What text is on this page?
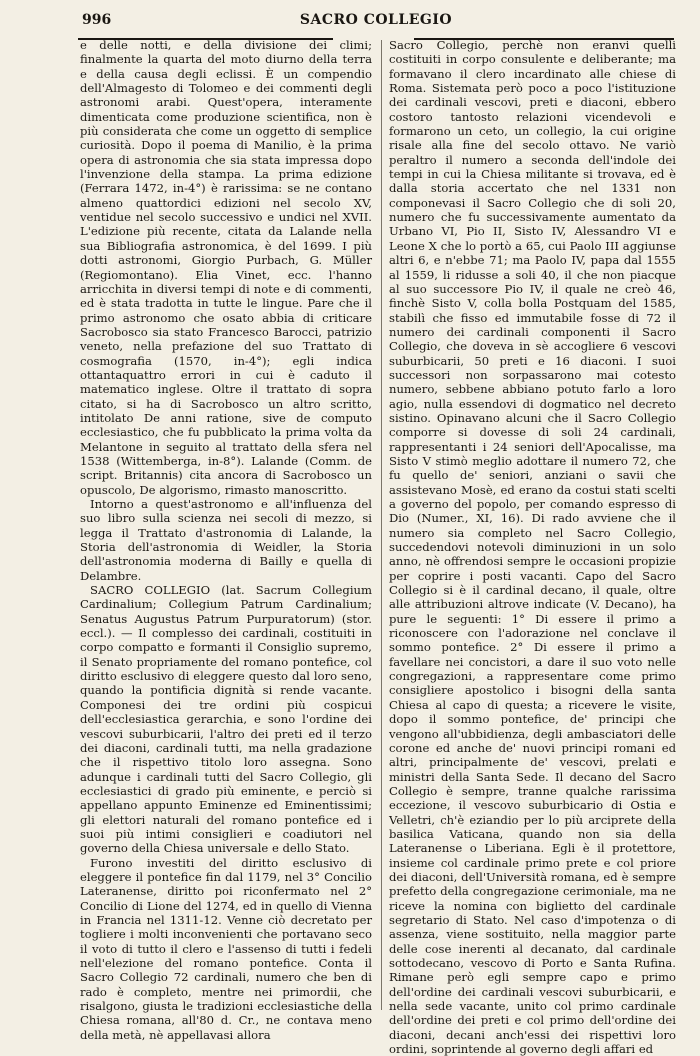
996	SACRO COLLEGIO

e delle notti, e della divisione dei climi; finalmente la quarta del moto diurno della terra e della causa degli eclissi. È un compendio dell'Almagesto di Tolomeo e dei commenti degli astronomi arabi. Quest'opera, interamente dimenticata come produzione scientifica, non è più considerata che come un oggetto di semplice curiosità. Dopo il poema di Manilio, è la prima opera di astronomia che sia stata impressa dopo l'invenzione della stampa. La prima edizione (Ferrara 1472, in-4°) è rarissima: se ne contano almeno quattordici edizioni nel secolo XV, ventidue nel secolo successivo e undici nel XVII. L'edizione più recente, citata da Lalande nella sua Bibliografia astronomica, è del 1699. I più dotti astronomi, Giorgio Purbach, G. Müller (Regiomontano). Elia Vinet, ecc. l'hanno arricchita in diversi tempi di note e di commenti, ed è stata tradotta in tutte le lingue. Pare che il primo astronomo che osato abbia di criticare Sacrobosco sia stato Francesco Barocci, patrizio veneto, nella prefazione del suo Trattato di cosmografia (1570, in-4°); egli indica ottantaquattro errori in cui è caduto il matematico inglese. Oltre il trattato di sopra citato, si ha di Sacrobosco un altro scritto, intitolato De anni ratione, sive de computo ecclesiastico, che fu pubblicato la prima volta da Melantone in seguito al trattato della sfera nel 1538 (Wittemberga, in-8°). Lalande (Comm. de script. Britannis) cita ancora di Sacrobosco un opuscolo, De algorismo, rimasto manoscritto.

Intorno a quest'astronomo e all'influenza del suo libro sulla scienza nei secoli di mezzo, si legga il Trattato d'astronomia di Lalande, la Storia dell'astronomia di Weidler, la Storia dell'astronomia moderna di Bailly e quella di Delambre.

SACRO COLLEGIO (lat. Sacrum Collegium Cardinalium; Collegium Patrum Cardinalium; Senatus Augustus Patrum Purpuratorum) (stor. eccl.). — Il complesso dei cardinali, costituiti in corpo compatto e formanti il Consiglio supremo, il Senato propriamente del romano pontefice, col diritto esclusivo di eleggere questo dal loro seno, quando la pontificia dignità si rende vacante. Componesi dei tre ordini più cospicui dell'ecclesiastica gerarchia, e sono l'ordine dei vescovi suburbicarii, l'altro dei preti ed il terzo dei diaconi, cardinali tutti, ma nella gradazione che il rispettivo titolo loro assegna. Sono adunque i cardinali tutti del Sacro Collegio, gli ecclesiastici di grado più eminente, e perciò si appellano appunto Eminenze ed Eminentissimi; gli elettori naturali del romano pontefice ed i suoi più intimi consiglieri e coadiutori nel governo della Chiesa universale e dello Stato.

Furono investiti del diritto esclusivo di eleggere il pontefice fin dal 1179, nel 3° Concilio Lateranense, diritto poi riconfermato nel 2° Concilio di Lione del 1274, ed in quello di Vienna in Francia nel 1311-12. Venne ciò decretato per togliere i molti inconvenienti che portavano seco il voto di tutto il clero e l'assenso di tutti i fedeli nell'elezione del romano pontefice. Conta il Sacro Collegio 72 cardinali, numero che ben di rado è completo, mentre nei primordii, che risalgono, giusta le tradizioni ecclesiastiche della Chiesa romana, all'80 d. Cr., ne contava meno della metà, nè appellavasi allora

Sacro Collegio, perchè non eranvi quelli costituiti in corpo consulente e deliberante; ma formavano il clero incardinato alle chiese di Roma. Sistemata però poco a poco l'istituzione dei cardinali vescovi, preti e diaconi, ebbero costoro tantosto relazioni vicendevoli e formarono un ceto, un collegio, la cui origine risale alla fine del secolo ottavo. Ne variò peraltro il numero a seconda dell'indole dei tempi in cui la Chiesa militante si trovava, ed è dalla storia accertato che nel 1331 non componevasi il Sacro Collegio che di soli 20, numero che fu successivamente aumentato da Urbano VI, Pio II, Sisto IV, Alessandro VI e Leone X che lo portò a 65, cui Paolo III aggiunse altri 6, e n'ebbe 71; ma Paolo IV, papa dal 1555 al 1559, li ridusse a soli 40, il che non piacque al suo successore Pio IV, il quale ne creò 46, finchè Sisto V, colla bolla Postquam del 1585, stabilì che fisso ed immutabile fosse di 72 il numero dei cardinali componenti il Sacro Collegio, che doveva in sè accogliere 6 vescovi suburbicarii, 50 preti e 16 diaconi. I suoi successori non sorpassarono mai cotesto numero, sebbene abbiano potuto farlo a loro agio, nulla essendovi di dogmatico nel decreto sistino. Opinavano alcuni che il Sacro Collegio comporre si dovesse di soli 24 cardinali, rappresentanti i 24 seniori dell'Apocalisse, ma Sisto V stimò meglio adottare il numero 72, che fu quello de' seniori, anziani o savii che assistevano Mosè, ed erano da costui stati scelti a governo del popolo, per comando espresso di Dio (Numer., XI, 16). Di rado avviene che il numero sia completo nel Sacro Collegio, succedendovi notevoli diminuzioni in un solo anno, nè offrendosi sempre le occasioni propizie per coprire i posti vacanti. Capo del Sacro Collegio si è il cardinal decano, il quale, oltre alle attribuzioni altrove indicate (V. Decano), ha pure le seguenti: 1° Di essere il primo a riconoscere con l'adorazione nel conclave il sommo pontefice. 2° Di essere il primo a favellare nei concistori, a dare il suo voto nelle congregazioni, a rappresentare come primo consigliere apostolico i bisogni della santa Chiesa al capo di questa; a ricevere le visite, dopo il sommo pontefice, de' principi che vengono all'ubbidienza, degli ambasciatori delle corone ed anche de' nuovi principi romani ed altri, principalmente de' vescovi, prelati e ministri della Santa Sede. Il decano del Sacro Collegio è sempre, tranne qualche rarissima eccezione, il vescovo suburbicario di Ostia e Velletri, ch'è eziandio per lo più arciprete della basilica Vaticana, quando non sia della Lateranense o Liberiana. Egli è il protettore, insieme col cardinale primo prete e col priore dei diaconi, dell'Università romana, ed è sempre prefetto della congregazione cerimoniale, ma ne riceve la nomina con biglietto del cardinale segretario di Stato. Nel caso d'impotenza o di assenza, viene sostituito, nella maggior parte delle cose inerenti al decanato, dal cardinale sottodecano, vescovo di Porto e Santa Rufina. Rimane però egli sempre capo e primo dell'ordine dei cardinali vescovi suburbicarii, e nella sede vacante, unito col primo cardinale dell'ordine dei preti e col primo dell'ordine dei diaconi, decani anch'essi dei rispettivi loro ordini, soprintende al governo degli affari ed
